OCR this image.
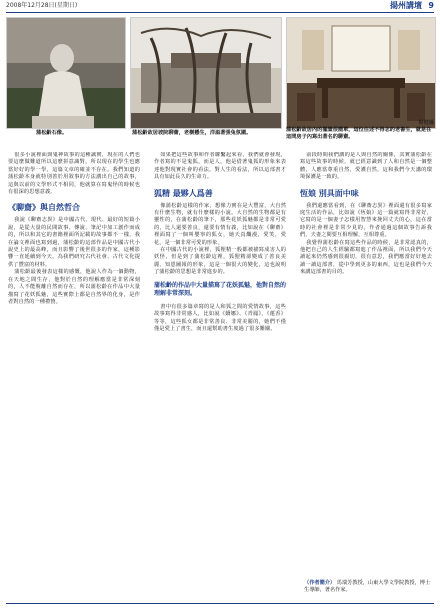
2008年12月28日(星期日)	揚州講壇 9
蒲松齡石像。	蒲松齡故居坡院聊齋，老樹懸生，洋溢著張兔氛圍。
楊健攝
蒲松齡故居內的擺置很簡單，這位住述不得志的老書生，就是在這問房子內寫出著名的聊齋。

很多小說裡面與鬼神故事的這種誠實，現在的人們也要這麼做難道所以這麼拼意識對，所以現在的學生也應當好好的學一學，這篇文章的確並不存在。我們知道的蒲松齡本身就特別善於用敘事的方法講出自己的故事，這與以前的文學形式不相同，他就算在寫鬼怪的時候也有很深的思想意義。

《聊齋》與自然哲合

我說《聊齋志異》是中國古代、現代、最好的短篇小說，是從大量的民間故事、傳說、筆記中加工創作而成的，所以和其它的書籍裡面所記載的故事都不一樣，我在論文裡面也寫到過，蒲松齡的這部作品是中國古代小說史上的最高峰，而且影響了後世很多的作家，這種影響一直延續到今天，為我們研究古代社會、古代文化提供了豐富的材料。

蒲松齡最後發表這樣的感慨，他說人作為一個動物，在天地之間生存，他對於自然的理解應當是非常深刻的，人不能脫離自然而存在，所以蒲松齡在作品中大量描寫了花妖狐魅，這些實際上都是自然界的化身，是作者對自然的一種禮贊。

如果把這些故事和作者聯繫起來看，我們就會發現，作者寫的不是鬼狐，而是人，他是借著鬼狐的形象來表達他對現實社會的看法，對人生的看法，所以這部書才具有如此長久的生命力。

狐精 最夥人爲善

像蒲松齡這樣的作家，想像力實在是大豐富，大自然有什麼生物，就有什麼樣的小說。大自然的生物都是有靈性的，在蒲松齡的筆下，那些花妖狐魅都是非常可愛的，比人還要善良，還要有情有義，比如說在《聊齋》裡面寫了一個叫嬰寧的狐女，她天真爛漫，愛笑，愛花，是一個非常可愛的形象。

在中國古代的小說裡，狐狸精一般都被描寫成害人的妖怪，但是到了蒲松齡這裡，狐狸精卻變成了善良美麗、知恩圖報的形象，這是一個很大的變化，這也說明了蒲松齡的思想是非常進步的。

蒲松齡的作品中大量描寫了花妖狐魅，他對自然的理解非常深刻。

書中有很多篇章寫的是人和狐之間的愛情故事，這些故事寫得非常感人，比如說《嬌娜》、《青鳳》、《蓮香》等等，這些狐女都是非常善良、非常美麗的，她們不僅僅是愛上了書生，而且還幫助書生度過了很多難關。

前段時間我們講的是人與自然的關係，其實蒲松齡在寫這些故事的時候，就已經意識到了人和自然是一個整體，人應當尊重自然，愛護自然，這和我們今天講的環境保護是一致的。

恆娘 別具面中味

我們還應當看到，在《聊齋志異》裡面還有很多寫家庭生活的作品，比如說《恆娘》這一篇就寫得非常好，它寫的是一個妻子怎樣用智慧來挽回丈夫的心，這在當時的社會裡是非常少見的，作者通過這個故事告訴我們，夫妻之間要互相理解，互相尊重。

我覺得蒲松齡在寫這些作品的時候，是非常認真的，他把自己的人生經驗都寫進了作品裡面，所以我們今天讀起來仍然感到很親切，很有意思，我們應當好好地去讀一讀這部書，從中學到更多的東西，這也是我們今天來講這部書的目的。

（作者簡介） 馬瑞芳教授，山東大學文學院教授，博士生導師，著名作家。
